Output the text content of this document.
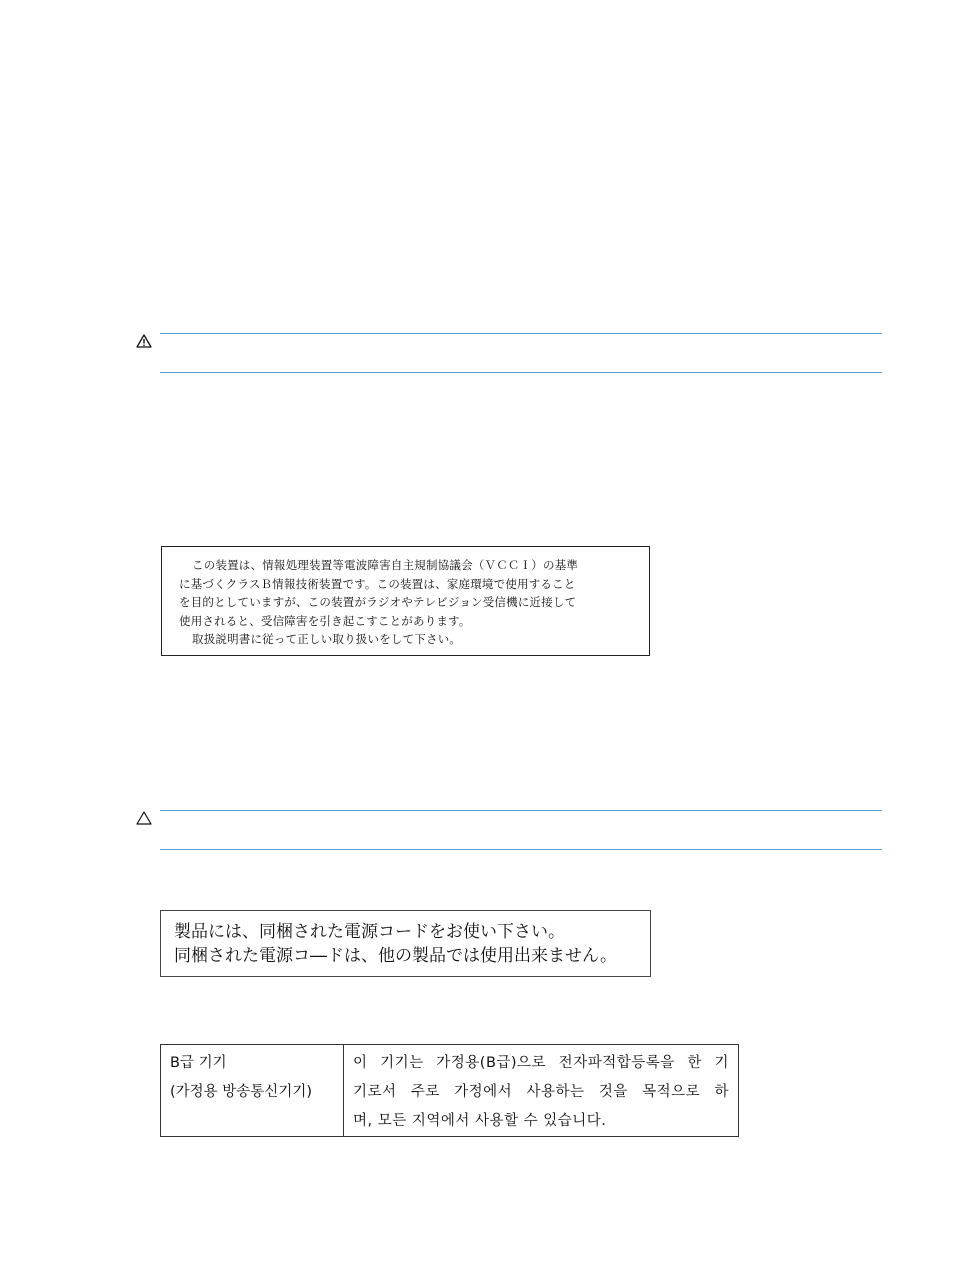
この装置は、情報処理装置等電波障害自主規制協議会（ＶＣＣＩ）の基準
に基づくクラスＢ情報技術装置です。この装置は、家庭環境で使用すること
を目的としていますが、この装置がラジオやテレビジョン受信機に近接して
使用されると、受信障害を引き起こすことがあります。
取扱説明書に従って正しい取り扱いをして下さい。
製品には、同梱された電源コードをお使い下さい。
同梱された電源コ―ドは、他の製品では使用出来ません。
B급 기기
(가정용 방송통신기기)

이 기기는 가정용(B급)으로 전자파적합등록을 한 기
기로서 주로 가정에서 사용하는 것을 목적으로 하
며, 모든 지역에서 사용할 수 있습니다.
